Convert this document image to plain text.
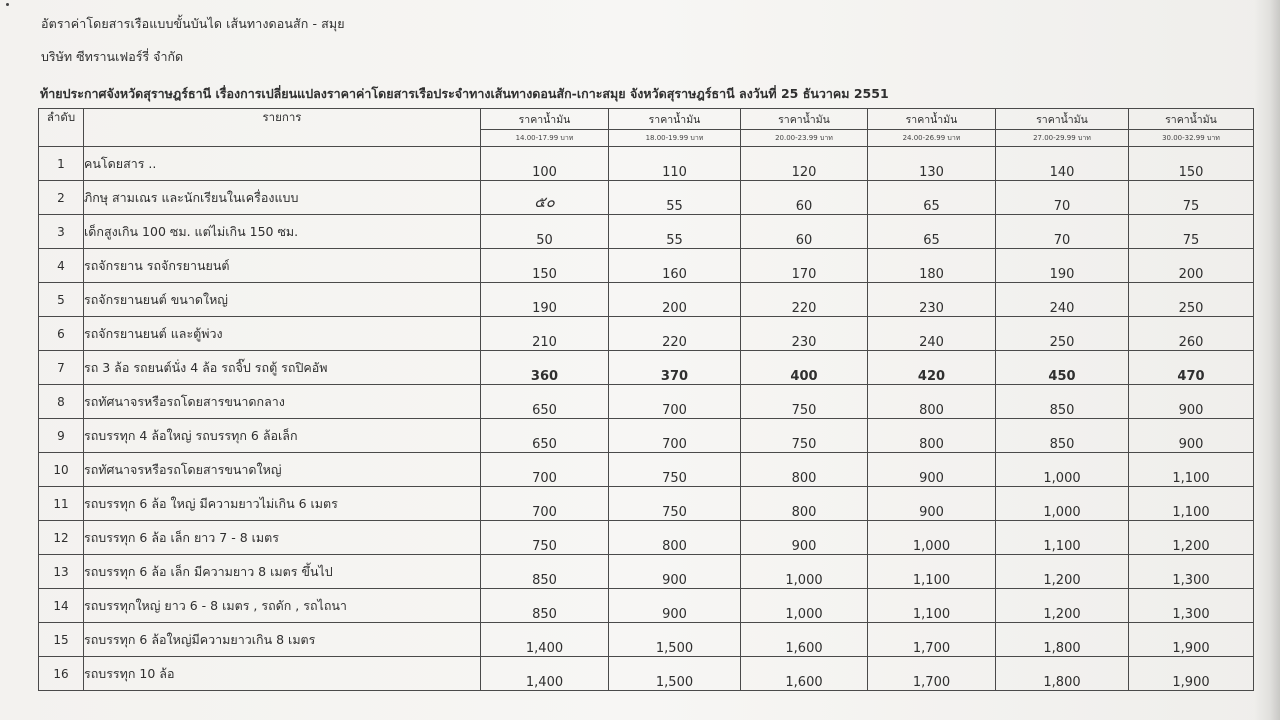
อัตราค่าโดยสารเรือแบบขั้นบันได เส้นทางดอนสัก - สมุย
บริษัท ซีทรานเฟอร์รี่ จำกัด
ท้ายประกาศจังหวัดสุราษฎร์ธานี เรื่องการเปลี่ยนแปลงราคาค่าโดยสารเรือประจำทางเส้นทางดอนสัก-เกาะสมุย จังหวัดสุราษฎร์ธานี ลงวันที่ 25 ธันวาคม 2551
ลำดับ	รายการ	ราคาน้ำมัน	ราคาน้ำมัน	ราคาน้ำมัน	ราคาน้ำมัน	ราคาน้ำมัน	ราคาน้ำมัน
		14.00-17.99 บาท	18.00-19.99 บาท	20.00-23.99 บาท	24.00-26.99 บาท	27.00-29.99 บาท	30.00-32.99 บาท
1	คนโดยสาร ..	100	110	120	130	140	150
2	ภิกษุ สามเณร และนักเรียนในเครื่องแบบ	๕๐	55	60	65	70	75
3	เด็กสูงเกิน 100 ซม. แต่ไม่เกิน 150 ซม.	50	55	60	65	70	75
4	รถจักรยาน รถจักรยานยนต์	150	160	170	180	190	200
5	รถจักรยานยนต์ ขนาดใหญ่	190	200	220	230	240	250
6	รถจักรยานยนต์ และตู้พ่วง	210	220	230	240	250	260
7	รถ 3 ล้อ รถยนต์นั่ง 4 ล้อ รถจิ๊ป รถตู้ รถปิคอัพ	360	370	400	420	450	470
8	รถทัศนาจรหรือรถโดยสารขนาดกลาง	650	700	750	800	850	900
9	รถบรรทุก 4 ล้อใหญ่ รถบรรทุก 6 ล้อเล็ก	650	700	750	800	850	900
10	รถทัศนาจรหรือรถโดยสารขนาดใหญ่	700	750	800	900	1,000	1,100
11	รถบรรทุก 6 ล้อ ใหญ่ มีความยาวไม่เกิน 6 เมตร	700	750	800	900	1,000	1,100
12	รถบรรทุก 6 ล้อ เล็ก ยาว 7 - 8 เมตร	750	800	900	1,000	1,100	1,200
13	รถบรรทุก 6 ล้อ เล็ก มีความยาว 8 เมตร ขึ้นไป	850	900	1,000	1,100	1,200	1,300
14	รถบรรทุกใหญ่ ยาว 6 - 8 เมตร , รถดัก , รถไถนา	850	900	1,000	1,100	1,200	1,300
15	รถบรรทุก 6 ล้อใหญ่มีความยาวเกิน 8 เมตร	1,400	1,500	1,600	1,700	1,800	1,900
16	รถบรรทุก 10 ล้อ	1,400	1,500	1,600	1,700	1,800	1,900
